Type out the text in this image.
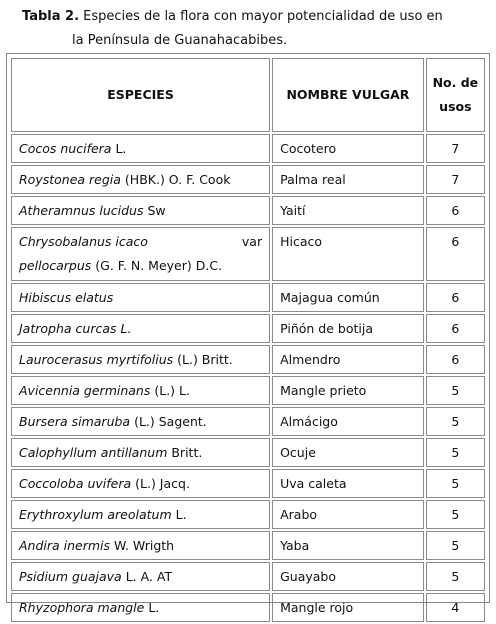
Tabla 2. Especies de la flora con mayor potencialidad de uso en
la Península de Guanahacabibes.
ESPECIES	NOMBRE VULGAR	No. de usos
Cocos nucifera L.	Cocotero	7
Roystonea regia (HBK.) O. F. Cook	Palma real	7
Atheramnus lucidus Sw	Yaití	6

Chrysobalanus icaco var
pellocarpus (G. F. N. Meyer) D.C.	Hicaco	6
Hibiscus elatus	Majagua común	6
Jatropha curcas L.	Piñón de botija	6
Laurocerasus myrtifolius (L.) Britt.	Almendro	6
Avicennia germinans (L.) L.	Mangle prieto	5
Bursera simaruba (L.) Sagent.	Almácigo	5
Calophyllum antillanum Britt.	Ocuje	5
Coccoloba uvifera (L.) Jacq.	Uva caleta	5
Erythroxylum areolatum L.	Arabo	5
Andira inermis W. Wrigth	Yaba	5
Psidium guajava L. A. AT	Guayabo	5
Rhyzophora mangle L.	Mangle rojo	4
